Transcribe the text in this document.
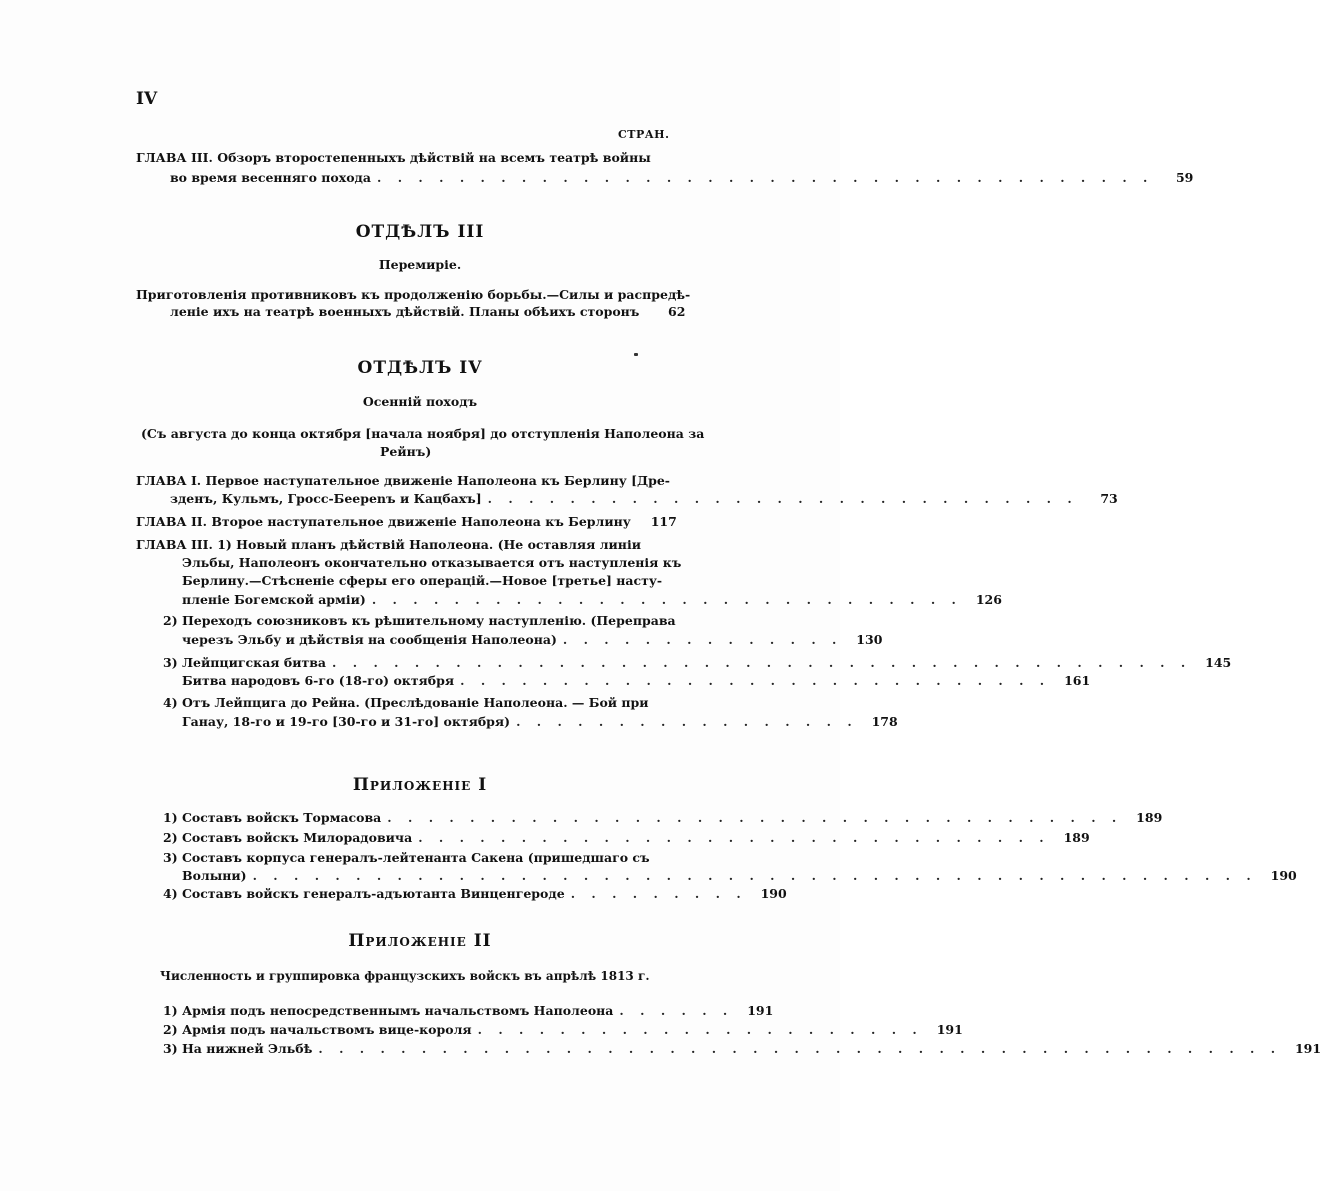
IV
СТРАН.
ГЛАВА III. Обзоръ второстепенныхъ дѣйствій на всемъ театрѣ войны
во время весенняго похода . . . . . . . . . . . . . . . . . . . . . . . . . . . . . . . . . . . . . .	59
ОТДѢЛЪ III
Перемиріе.
Приготовленія противниковъ къ продолженію борьбы.—Силы и распредѣ-
леніе ихъ на театрѣ военныхъ дѣйствій. Планы обѣихъ сторонъ	62
ОТДѢЛЪ IV
Осенній походъ
(Съ августа до конца октября [начала ноября] до отступленія Наполеона за
Рейнъ)
ГЛАВА I. Первое наступательное движеніе Наполеона къ Берлину [Дре-
зденъ, Кульмъ, Гросс-Беереnъ и Кацбахъ] . . . . . . . . . . . . . . . . . . . . . . . . . . . . .	73
ГЛАВА II. Второе наступательное движеніе Наполеона къ Берлину	117
ГЛАВА III. 1) Новый планъ дѣйствій Наполеона. (Не оставляя линіи
Эльбы, Наполеонъ окончательно отказывается отъ наступленія къ
Берлину.—Стѣсненіе сферы его операцій.—Новое [третье] насту-
пленіе Богемской арміи) . . . . . . . . . . . . . . . . . . . . . . . . . . . . .	126
2) Переходъ союзниковъ къ рѣшительному наступленію. (Переправа
черезъ Эльбу и дѣйствія на сообщенія Наполеона) . . . . . . . . . . . . . .	130
3) Лейпцигская битва . . . . . . . . . . . . . . . . . . . . . . . . . . . . . . . . . . . . . . . . . .	145
Битва народовъ 6-го (18-го) октября . . . . . . . . . . . . . . . . . . . . . . . . . . . . .	161
4) Отъ Лейпцига до Рейна. (Преслѣдованіе Наполеона. — Бой при
Ганау, 18-го и 19-го [30-го и 31-го] октября) . . . . . . . . . . . . . . . . .	178
Приложеніе I
1) Составъ войскъ Тормасова . . . . . . . . . . . . . . . . . . . . . . . . . . . . . . . . . . . .	189
2) Составъ войскъ Милорадовича . . . . . . . . . . . . . . . . . . . . . . . . . . . . . . .	189
3) Составъ корпуса генералъ-лейтенанта Сакена (пришедшаго съ
Волыни) . . . . . . . . . . . . . . . . . . . . . . . . . . . . . . . . . . . . . . . . . . . . . . . . .	190
4) Составъ войскъ генералъ-адъютанта Винценгероде . . . . . . . . .	190
Приложеніе II
Численность и группировка французскихъ войскъ въ апрѣлѣ 1813 г.
1) Армія подъ непосредственнымъ начальствомъ Наполеона . . . . . .	191
2) Армія подъ начальствомъ вице-короля . . . . . . . . . . . . . . . . . . . . . .	191
3) На нижней Эльбѣ . . . . . . . . . . . . . . . . . . . . . . . . . . . . . . . . . . . . . . . . . . . . . . .	191
